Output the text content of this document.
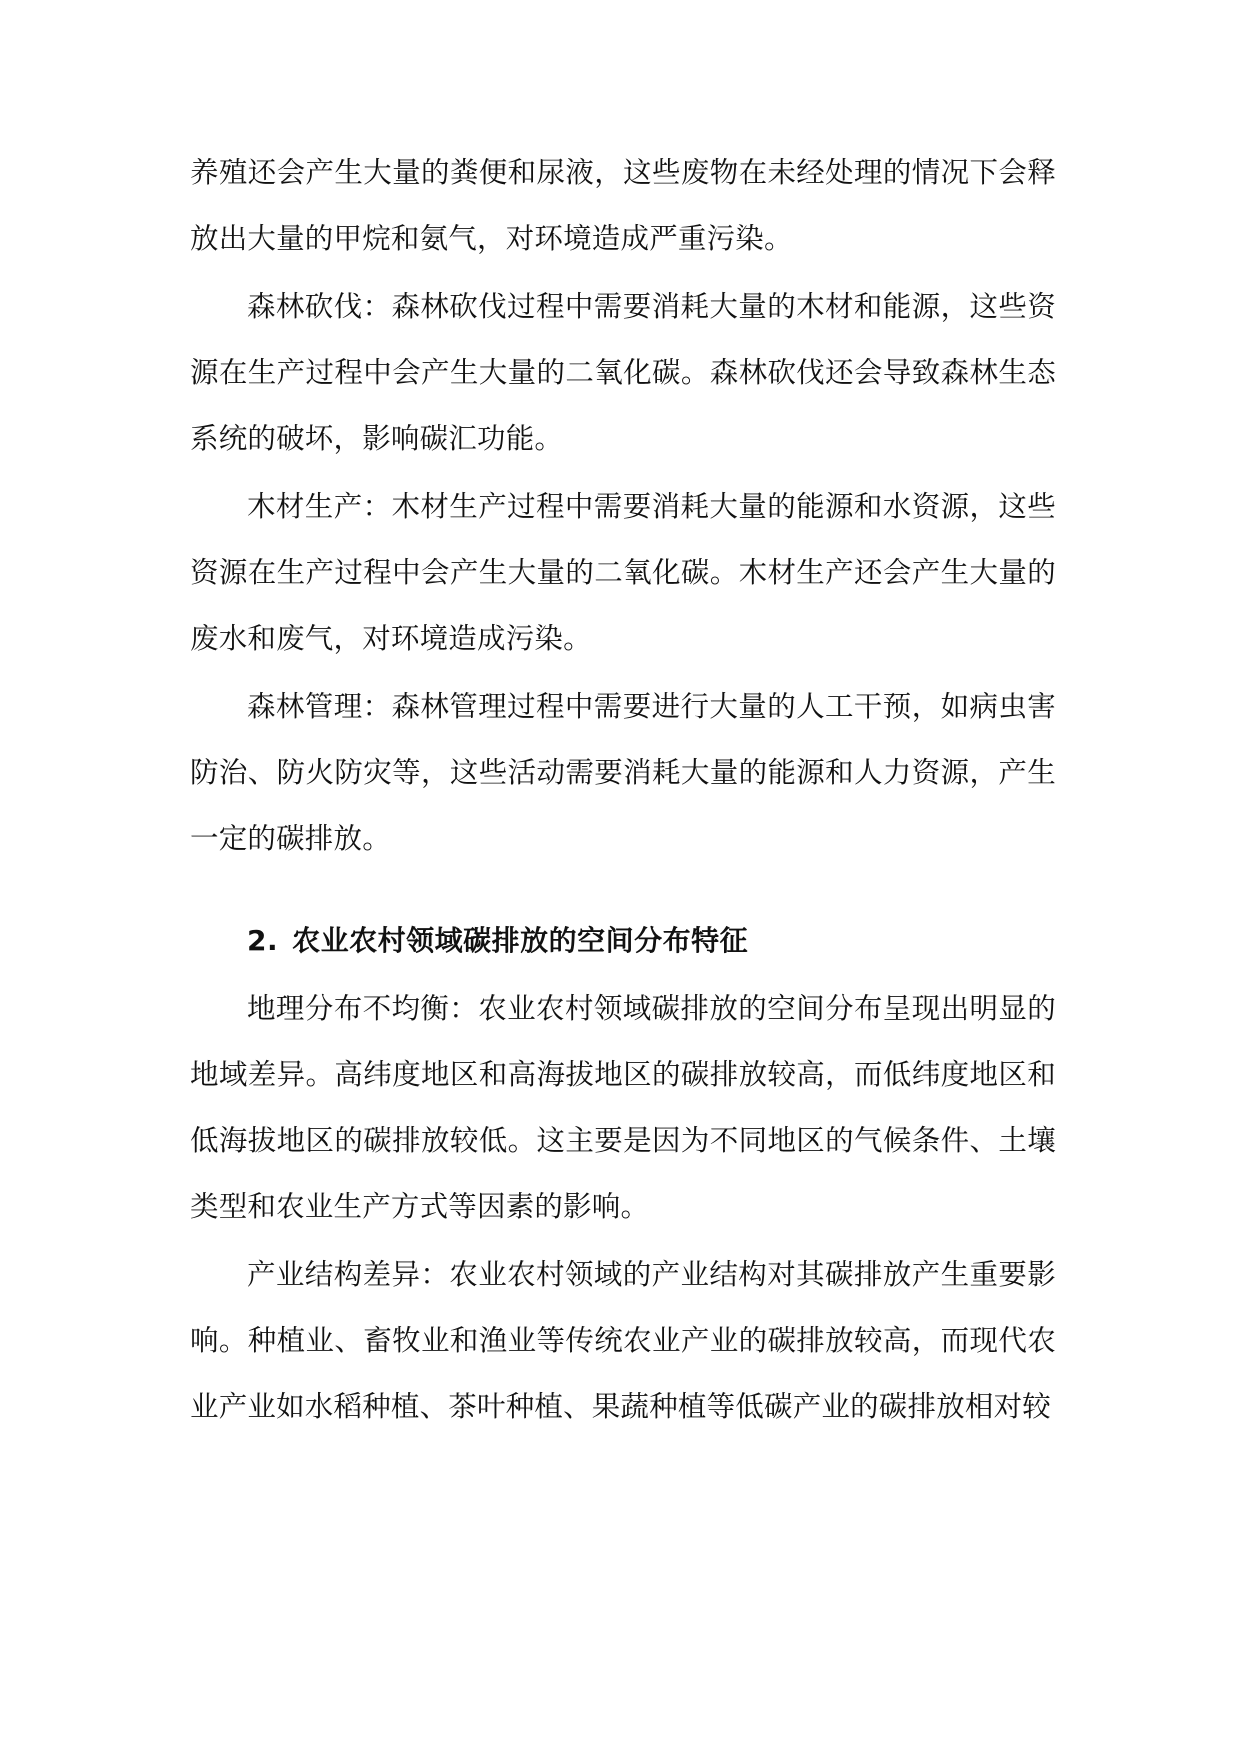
养殖还会产生大量的粪便和尿液，这些废物在未经处理的情况下会释放出大量的甲烷和氨气，对环境造成严重污染。

森林砍伐：森林砍伐过程中需要消耗大量的木材和能源，这些资源在生产过程中会产生大量的二氧化碳。森林砍伐还会导致森林生态系统的破坏，影响碳汇功能。

木材生产：木材生产过程中需要消耗大量的能源和水资源，这些资源在生产过程中会产生大量的二氧化碳。木材生产还会产生大量的废水和废气，对环境造成污染。

森林管理：森林管理过程中需要进行大量的人工干预，如病虫害防治、防火防灾等，这些活动需要消耗大量的能源和人力资源，产生一定的碳排放。

2. 农业农村领域碳排放的空间分布特征

地理分布不均衡：农业农村领域碳排放的空间分布呈现出明显的地域差异。高纬度地区和高海拔地区的碳排放较高，而低纬度地区和低海拔地区的碳排放较低。这主要是因为不同地区的气候条件、土壤类型和农业生产方式等因素的影响。

产业结构差异：农业农村领域的产业结构对其碳排放产生重要影响。种植业、畜牧业和渔业等传统农业产业的碳排放较高，而现代农业产业如水稻种植、茶叶种植、果蔬种植等低碳产业的碳排放相对较
